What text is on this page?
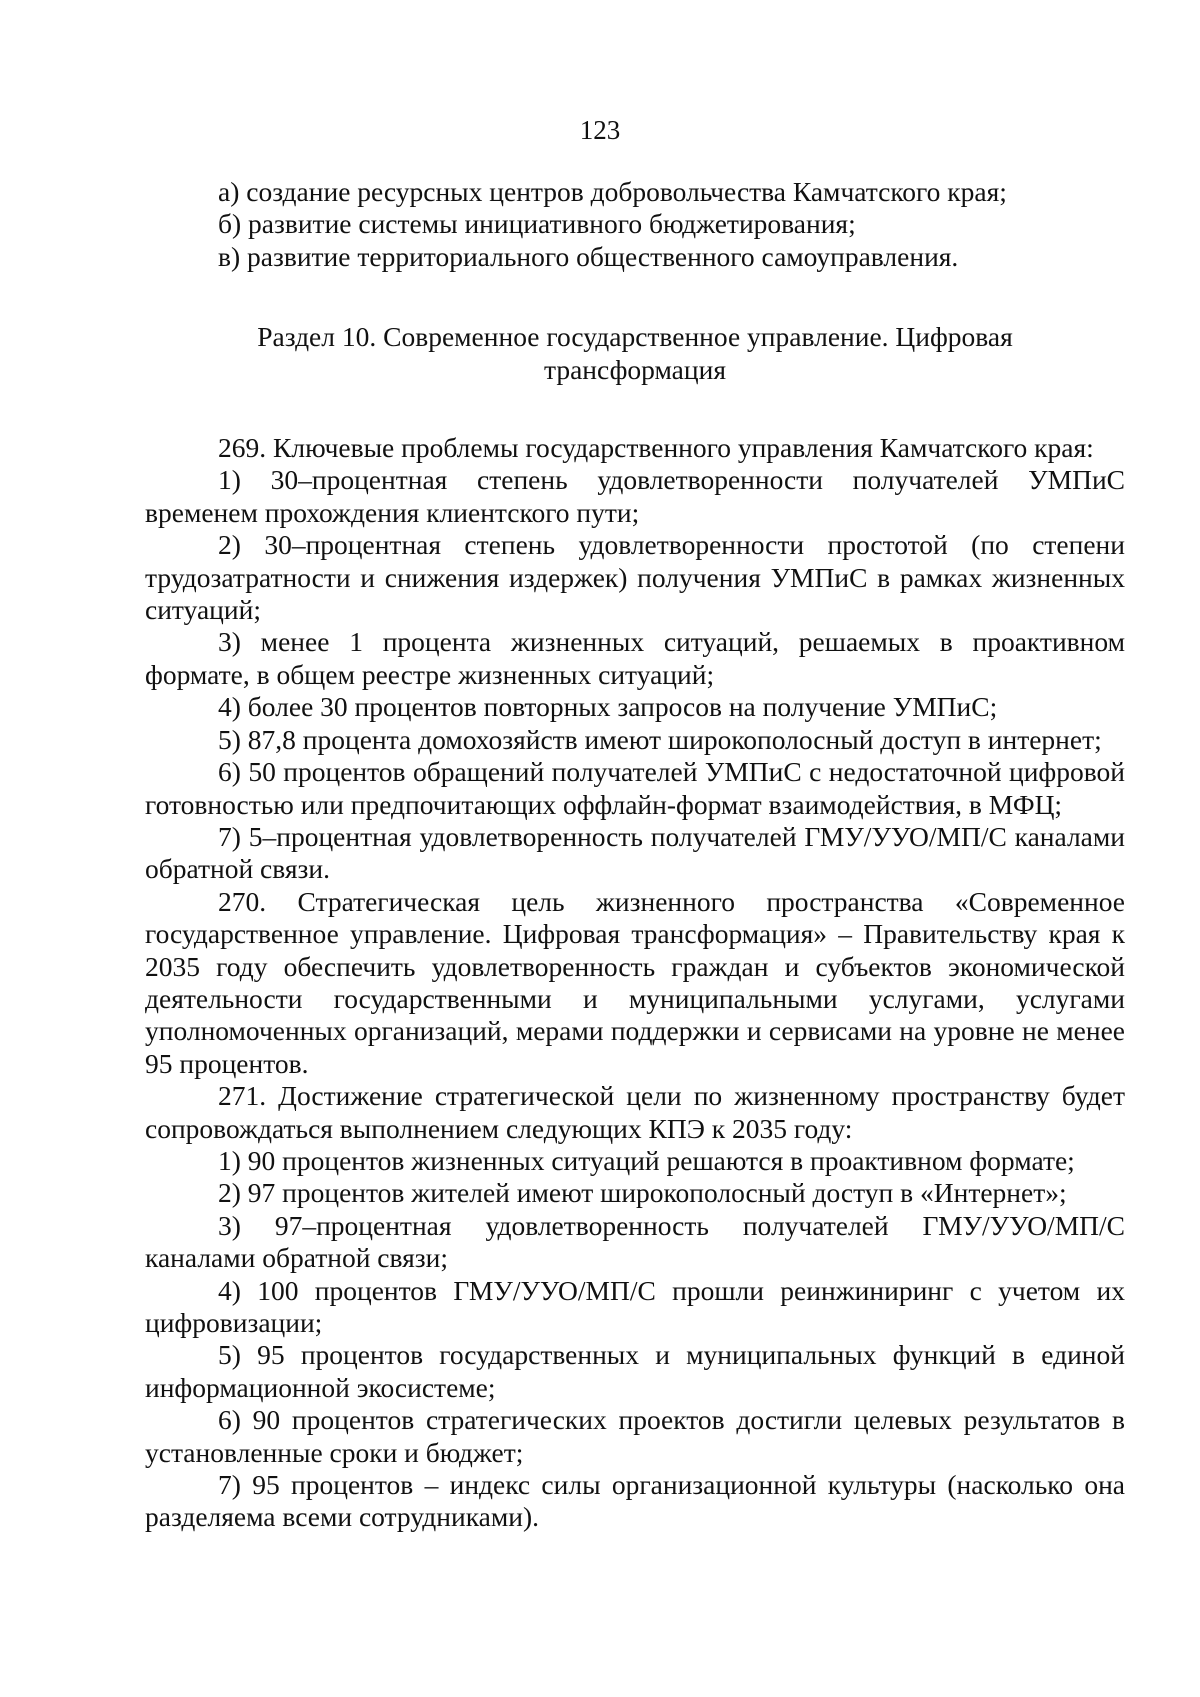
123

а) создание ресурсных центров добровольчества Камчатского края;

б) развитие системы инициативного бюджетирования;

в) развитие территориального общественного самоуправления.

Раздел 10. Современное государственное управление. Цифровая
трансформация

269. Ключевые проблемы государственного управления Камчатского края:

1) 30–процентная степень удовлетворенности получателей УМПиС временем прохождения клиентского пути;

2) 30–процентная степень удовлетворенности простотой (по степени трудозатратности и снижения издержек) получения УМПиС в рамках жизненных ситуаций;

3) менее 1 процента жизненных ситуаций, решаемых в проактивном формате, в общем реестре жизненных ситуаций;

4) более 30 процентов повторных запросов на получение УМПиС;

5) 87,8 процента домохозяйств имеют широкополосный доступ в интернет;

6) 50 процентов обращений получателей УМПиС с недостаточной цифровой готовностью или предпочитающих оффлайн-формат взаимодействия, в МФЦ;

7) 5–процентная удовлетворенность получателей ГМУ/УУО/МП/С каналами обратной связи.

270. Стратегическая цель жизненного пространства «Современное государственное управление. Цифровая трансформация» – Правительству края к 2035 году обеспечить удовлетворенность граждан и субъектов экономической деятельности государственными и муниципальными услугами, услугами уполномоченных организаций, мерами поддержки и сервисами на уровне не менее 95 процентов.

271. Достижение стратегической цели по жизненному пространству будет сопровождаться выполнением следующих КПЭ к 2035 году:

1) 90 процентов жизненных ситуаций решаются в проактивном формате;

2) 97 процентов жителей имеют широкополосный доступ в «Интернет»;

3) 97–процентная удовлетворенность получателей ГМУ/УУО/МП/С каналами обратной связи;

4) 100 процентов ГМУ/УУО/МП/С прошли реинжиниринг с учетом их цифровизации;

5) 95 процентов государственных и муниципальных функций в единой информационной экосистеме;

6) 90 процентов стратегических проектов достигли целевых результатов в установленные сроки и бюджет;

7) 95 процентов – индекс силы организационной культуры (насколько она разделяема всеми сотрудниками).
